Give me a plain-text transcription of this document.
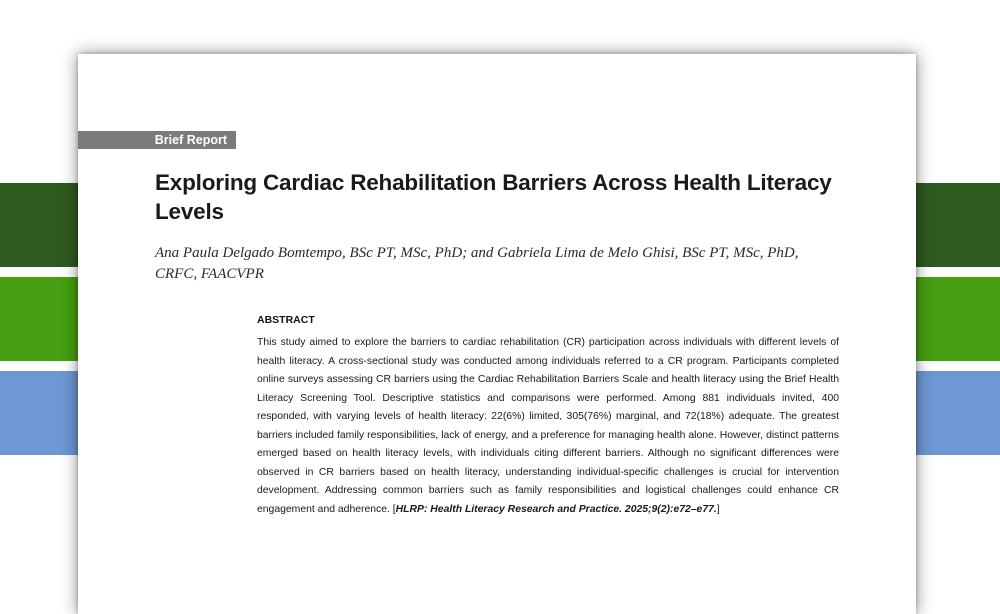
Brief Report
Exploring Cardiac Rehabilitation Barriers Across Health Literacy Levels

Ana Paula Delgado Bomtempo, BSc PT, MSc, PhD; and Gabriela Lima de Melo Ghisi, BSc PT, MSc, PhD, CRFC, FAACVPR

ABSTRACT

This study aimed to explore the barriers to cardiac rehabilitation (CR) participation across individuals with different levels of health literacy. A cross-sectional study was conducted among individuals referred to a CR program. Participants completed online surveys assessing CR barriers using the Cardiac Rehabilitation Barriers Scale and health literacy using the Brief Health Literacy Screening Tool. Descriptive statistics and comparisons were performed. Among 881 individuals invited, 400 responded, with varying levels of health literacy: 22(6%) limited, 305(76%) marginal, and 72(18%) adequate. The greatest barriers included family responsibilities, lack of energy, and a preference for managing health alone. However, distinct patterns emerged based on health literacy levels, with individuals citing different barriers. Although no significant differences were observed in CR barriers based on health literacy, understanding individual-specific challenges is crucial for intervention development. Addressing common barriers such as family responsibilities and logistical challenges could enhance CR engagement and adherence. [HLRP: Health Literacy Research and Practice. 2025;9(2):e72–e77.]
